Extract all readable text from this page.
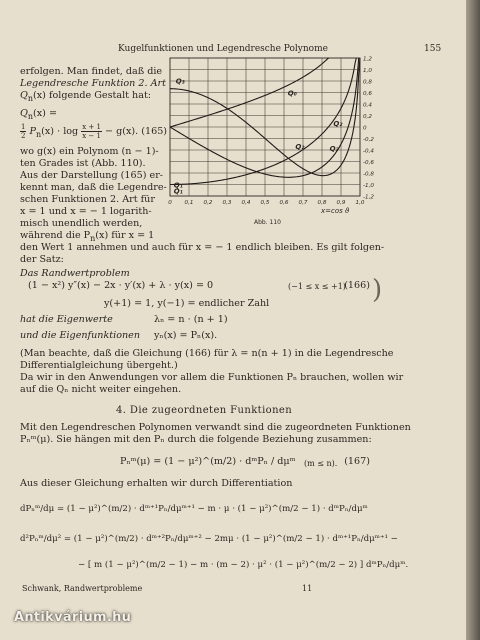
Kugelfunktionen und Legendresche Polynome	155
erfolgen. Man findet, daß die
Legendresche Funktion 2. Art
$Q_n(x)$ folgende Gestalt hat:
$Q_n(x)$ =
$\frac{1}{2} P_n(x) \cdot \log \frac{x + 1}{x - 1} - g(x)$. (165)
wo g(x) ein Polynom (n − 1)-
ten Grades ist (Abb. 110).
Aus der Darstellung (165) er-
kennt man, daß die Legendre-
schen Funktionen 2. Art für
x = 1 und x = − 1 logarith-
misch unendlich werden,
während die $P_n(x)$ für x = 1
den Wert 1 annehmen und auch für x = − 1 endlich bleiben. Es gilt folgen-
der Satz:
Das Randwertproblem
1,2
1,0
0,8
0,6
0,4
0,2
0
-0,2
-0,4
-0,6
-0,8
-1,0
-1,2
0 0,1 0,2 0,3 0,4 0,5 0,6 0,7 0,8 0,9 1,0
Q₀
Q₁
Q₂
Q₃
Q₂	Q₃
Q₁
x=cos ϑ
Abb. 110
(1 − x²) y″(x) − 2x · y′(x) + λ · y(x) = 0	(−1 ≤ x ≤ +1)
(166)
y(+1) = 1, y(−1) = endlicher Zahl	)
hat die Eigenwerte	λₙ = n · (n + 1)
und die Eigenfunktionen yₙ(x) = Pₙ(x).
(Man beachte, daß die Gleichung (166) für λ = n(n + 1) in die Legendresche
Differentialgleichung übergeht.)
Da wir in den Anwendungen vor allem die Funktionen Pₙ brauchen, wollen wir
auf die Qₙ nicht weiter eingehen.
4. Die zugeordneten Funktionen
Mit den Legendreschen Polynomen verwandt sind die zugeordneten Funktionen
Pₙᵐ(μ). Sie hängen mit den Pₙ durch die folgende Beziehung zusammen:
Pₙᵐ(μ) = (1 − μ²)^(m/2) · dᵐPₙ / dμᵐ (m ≤ n). (167)
Aus dieser Gleichung erhalten wir durch Differentiation
dPₙᵐ/dμ = (1 − μ²)^(m/2) · dᵐ⁺¹Pₙ/dμᵐ⁺¹ − m · μ · (1 − μ²)^(m/2 − 1) · dᵐPₙ/dμᵐ
d²Pₙᵐ/dμ² = (1 − μ²)^(m/2) · dᵐ⁺²Pₙ/dμᵐ⁺² − 2mμ · (1 − μ²)^(m/2 − 1) · dᵐ⁺¹Pₙ/dμᵐ⁺¹ −
− [ m (1 − μ²)^(m/2 − 1) − m · (m − 2) · μ² · (1 − μ²)^(m/2 − 2) ] dᵐPₙ/dμᵐ.
Schwank, Randwertprobleme	11
Antikvárium.hu
